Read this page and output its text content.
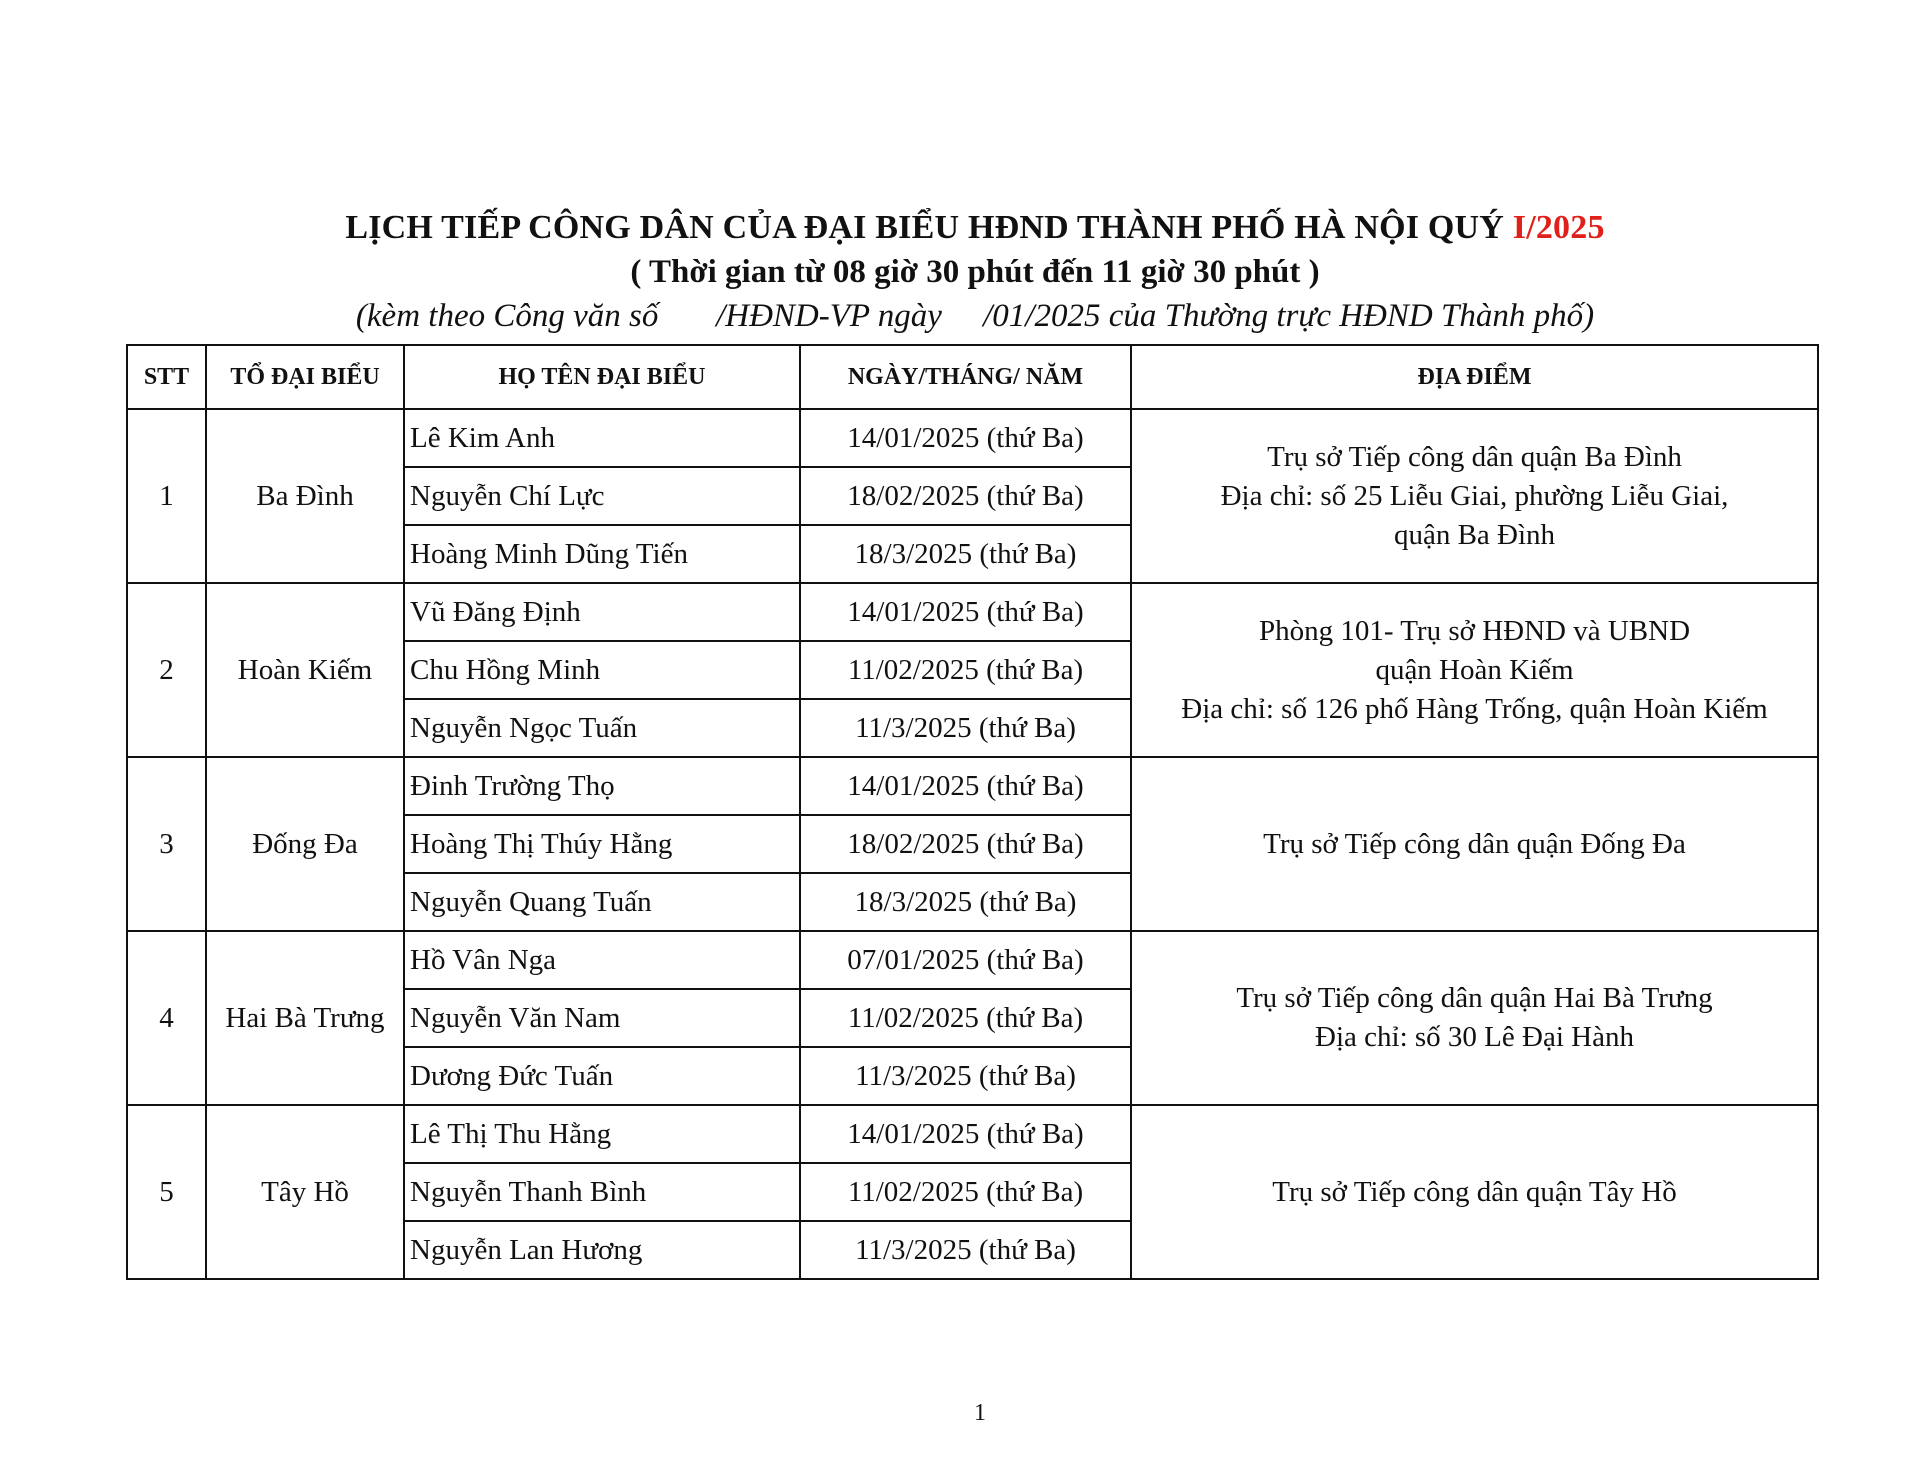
LỊCH TIẾP CÔNG DÂN CỦA ĐẠI BIỂU HĐND THÀNH PHỐ HÀ NỘI QUÝ I/2025
( Thời gian từ 08 giờ 30 phút đến 11 giờ 30 phút )
(kèm theo Công văn số       /HĐND-VP ngày     /01/2025 của Thường trực HĐND Thành phố)
STT	TỔ ĐẠI BIỂU	HỌ TÊN ĐẠI BIỂU	NGÀY/THÁNG/ NĂM	ĐỊA ĐIỂM
1	Ba Đình	Lê Kim Anh	14/01/2025 (thứ Ba)	Trụ sở Tiếp công dân quận Ba Đình
Địa chỉ: số 25 Liễu Giai, phường Liễu Giai,
quận Ba Đình

		Nguyễn Chí Lực	18/02/2025 (thứ Ba)	
		Hoàng Minh Dũng Tiến	18/3/2025 (thứ Ba)	
2	Hoàn Kiếm	Vũ Đăng Định	14/01/2025 (thứ Ba)	Phòng 101- Trụ sở HĐND và UBND
quận Hoàn Kiếm
Địa chỉ: số 126 phố Hàng Trống, quận Hoàn Kiếm

		Chu Hồng Minh	11/02/2025 (thứ Ba)	
		Nguyễn Ngọc Tuấn	11/3/2025 (thứ Ba)	
3	Đống Đa	Đinh Trường Thọ	14/01/2025 (thứ Ba)	Trụ sở Tiếp công dân quận Đống Đa

		Hoàng Thị Thúy Hằng	18/02/2025 (thứ Ba)	
		Nguyễn Quang Tuấn	18/3/2025 (thứ Ba)	
4	Hai Bà Trưng	Hồ Vân Nga	07/01/2025 (thứ Ba)	Trụ sở Tiếp công dân quận Hai Bà Trưng
Địa chỉ: số 30 Lê Đại Hành

		Nguyễn Văn Nam	11/02/2025 (thứ Ba)	
		Dương Đức Tuấn	11/3/2025 (thứ Ba)	
5	Tây Hồ	Lê Thị Thu Hằng	14/01/2025 (thứ Ba)	Trụ sở Tiếp công dân quận Tây Hồ

		Nguyễn Thanh Bình	11/02/2025 (thứ Ba)	
		Nguyễn Lan Hương	11/3/2025 (thứ Ba)	
1
